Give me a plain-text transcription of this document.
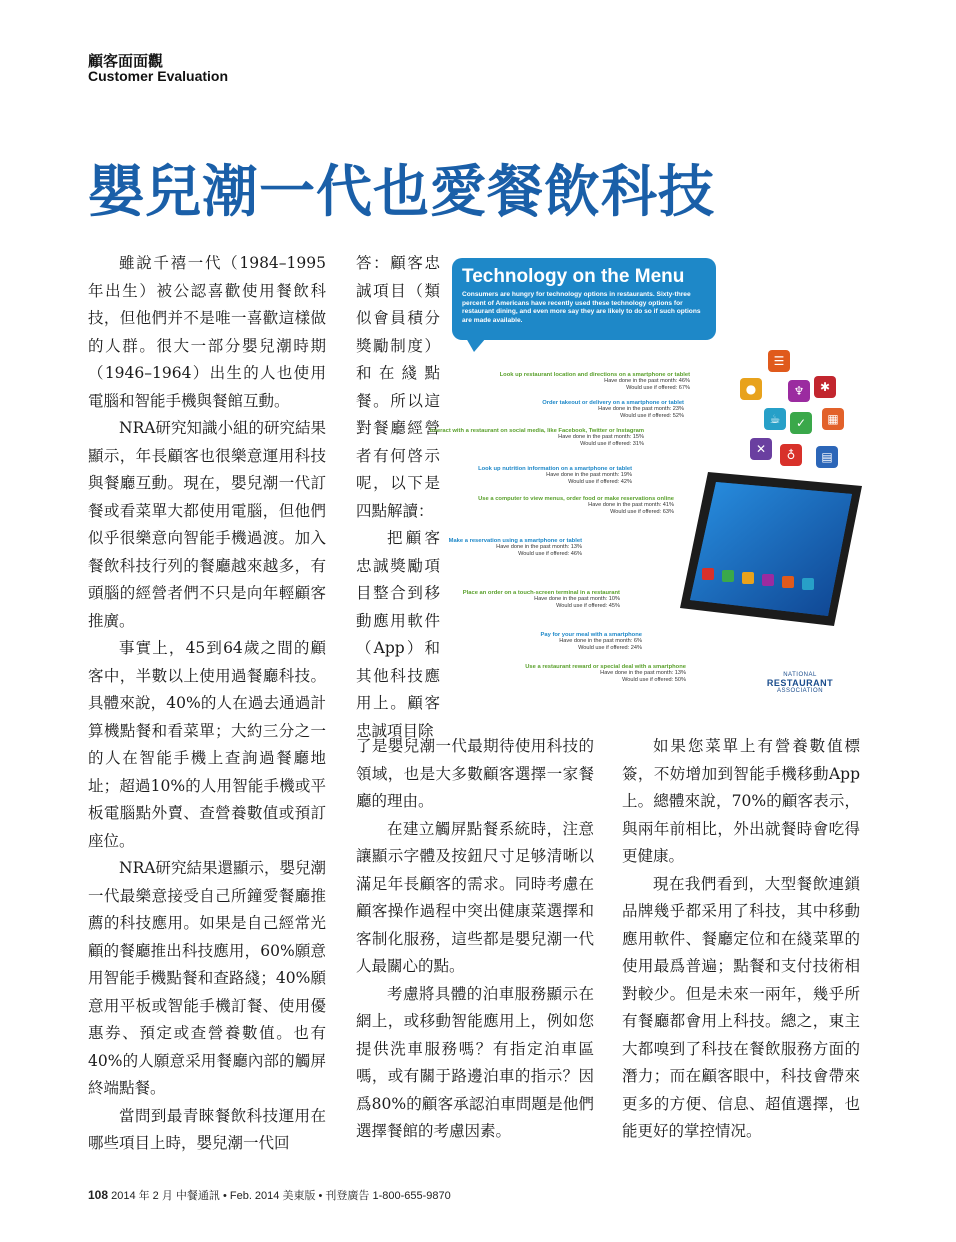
顧客面面觀
Customer Evaluation
嬰兒潮一代也愛餐飲科技

雖說千禧一代（1984–1995年出生）被公認喜歡使用餐飲科技，但他們并不是唯一喜歡這樣做的人群。很大一部分嬰兒潮時期（1946–1964）出生的人也使用電腦和智能手機與餐館互動。

NRA研究知識小組的研究結果顯示，年長顧客也很樂意運用科技與餐廳互動。現在，嬰兒潮一代訂餐或看菜單大都使用電腦，但他們似乎很樂意向智能手機過渡。加入餐飲科技行列的餐廳越來越多，有頭腦的經營者們不只是向年輕顧客推廣。

事實上，45到64歲之間的顧客中，半數以上使用過餐廳科技。具體來說，40%的人在過去通過計算機點餐和看菜單；大約三分之一的人在智能手機上查詢過餐廳地址；超過10%的人用智能手機或平板電腦點外賣、查營養數值或預訂座位。

NRA研究結果還顯示，嬰兒潮一代最樂意接受自己所鐘愛餐廳推薦的科技應用。如果是自己經常光顧的餐廳推出科技應用，60%願意用智能手機點餐和查路綫；40%願意用平板或智能手機訂餐、使用優惠券、預定或查營養數值。也有40%的人願意采用餐廳內部的觸屏終端點餐。

當問到最青睞餐飲科技運用在哪些項目上時，嬰兒潮一代回

答：顧客忠誠項目（類似會員積分獎勵制度）和在綫點餐。所以這對餐廳經營者有何啓示呢，以下是四點解讀：

把顧客忠誠獎勵項目整合到移動應用軟件（App）和其他科技應用上。顧客忠誠項目除

了是嬰兒潮一代最期待使用科技的領域，也是大多數顧客選擇一家餐廳的理由。

在建立觸屏點餐系統時，注意讓顯示字體及按鈕尺寸足够清晰以滿足年長顧客的需求。同時考慮在顧客操作過程中突出健康菜選擇和客制化服務，這些都是嬰兒潮一代人最關心的點。

考慮將具體的泊車服務顯示在網上，或移動智能應用上，例如您提供洗車服務嗎？有指定泊車區嗎，或有關于路邊泊車的指示？因爲80%的顧客承認泊車問題是他們選擇餐館的考慮因素。

如果您菜單上有營養數值標簽，不妨增加到智能手機移動App上。總體來說，70%的顧客表示，與兩年前相比，外出就餐時會吃得更健康。

現在我們看到，大型餐飲連鎖品牌幾乎都采用了科技，其中移動應用軟件、餐廳定位和在綫菜單的使用最爲普遍；點餐和支付技術相對較少。但是未來一兩年，幾乎所有餐廳都會用上科技。總之，東主大都嗅到了科技在餐飲服務方面的潛力；而在顧客眼中，科技會帶來更多的方便、信息、超值選擇，也能更好的掌控情况。

Technology on the Menu
Consumers are hungry for technology options in restaurants. Sixty-three percent of Americans have recently used these technology options for restaurant dining, and even more say they are likely to do so if such options are made available.
Look up restaurant location and directions on a smartphone or tablet
Have done in the past month: 46%
Would use if offered: 67%
Order takeout or delivery on a smartphone or tablet
Have done in the past month: 23%
Would use if offered: 52%
Interact with a restaurant on social media, like Facebook, Twitter or Instagram
Have done in the past month: 15%
Would use if offered: 31%
Look up nutrition information on a smartphone or tablet
Have done in the past month: 19%
Would use if offered: 42%
Use a computer to view menus, order food or make reservations online
Have done in the past month: 41%
Would use if offered: 63%
Make a reservation using a smartphone or tablet
Have done in the past month: 13%
Would use if offered: 46%
Place an order on a touch-screen terminal in a restaurant
Have done in the past month: 10%
Would use if offered: 45%
Pay for your meal with a smartphone
Have done in the past month: 6%
Would use if offered: 24%
Use a restaurant reward or special deal with a smartphone
Have done in the past month: 13%
Would use if offered: 50%
☰
●	♆	✱
☕	✓	▦
✕	♁	▤
NATIONAL
RESTAURANT
ASSOCIATION
108 2014 年 2 月 中餐通訊 • Feb. 2014 美東版 • 刊登廣告 1-800-655-9870
